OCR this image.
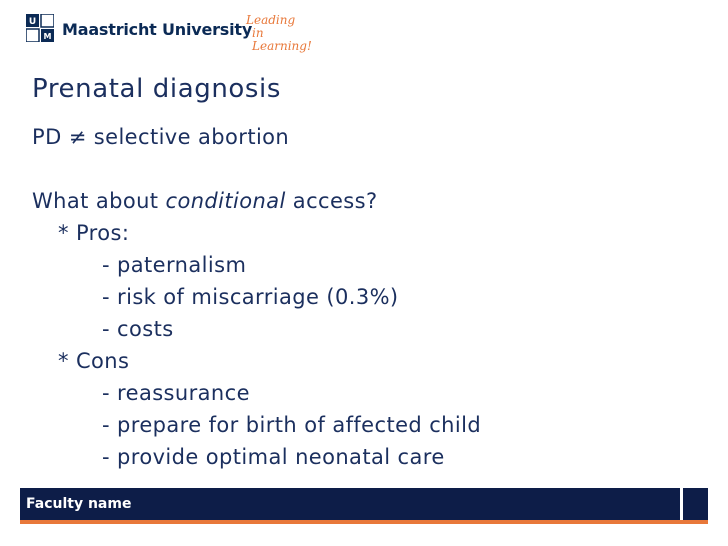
U
M Maastricht University
Leading
in Learning!
Prenatal diagnosis
PD ≠ selective abortion
What about conditional access?
* Pros:
- paternalism
- risk of miscarriage (0.3%)
- costs
* Cons
- reassurance
- prepare for birth of affected child
- provide optimal neonatal care
Faculty name
